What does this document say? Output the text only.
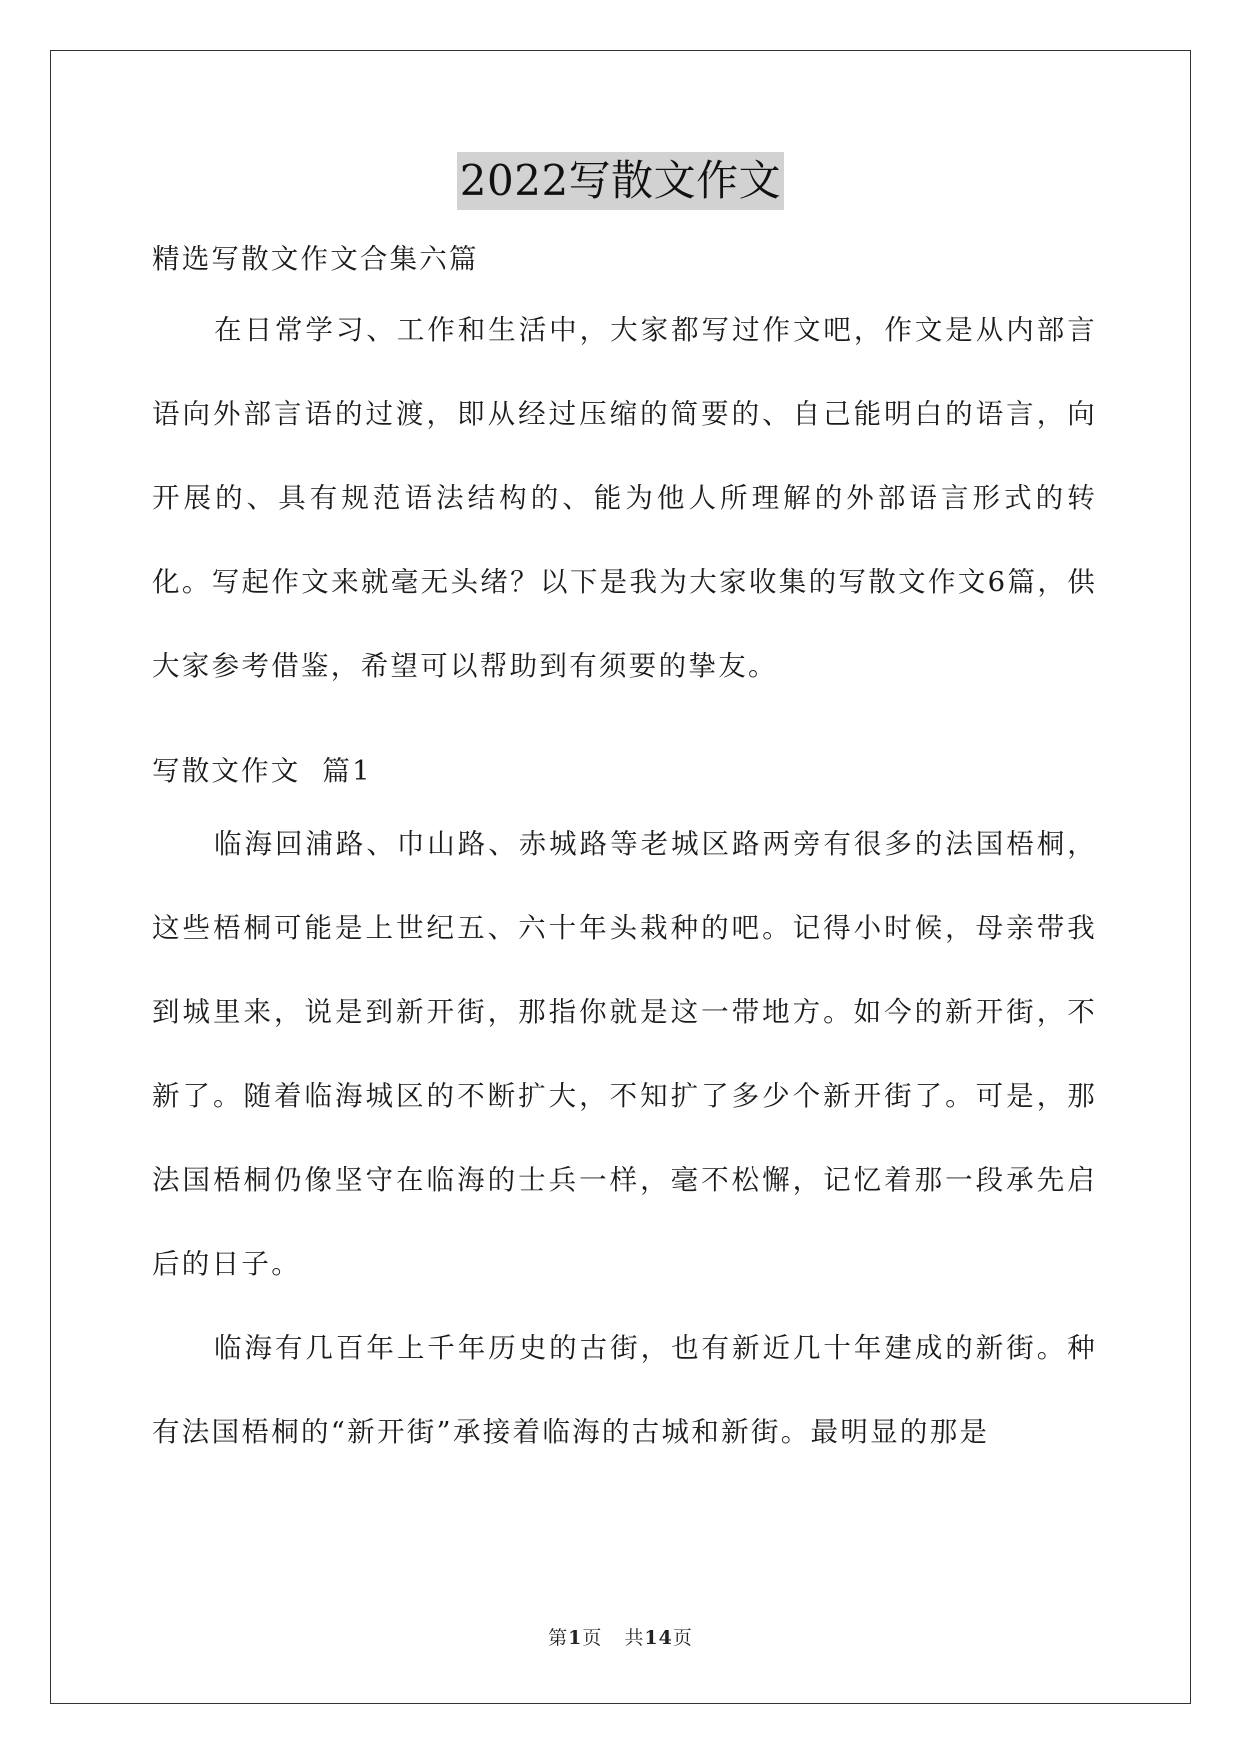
2022写散文作文
精选写散文作文合集六篇

在日常学习、工作和生活中，大家都写过作文吧，作文是从内部言语向外部言语的过渡，即从经过压缩的简要的、自己能明白的语言，向开展的、具有规范语法结构的、能为他人所理解的外部语言形式的转化。写起作文来就毫无头绪？以下是我为大家收集的写散文作文6篇，供大家参考借鉴，希望可以帮助到有须要的挚友。

写散文作文  篇1

临海回浦路、巾山路、赤城路等老城区路两旁有很多的法国梧桐，这些梧桐可能是上世纪五、六十年头栽种的吧。记得小时候，母亲带我到城里来，说是到新开街，那指你就是这一带地方。如今的新开街，不新了。随着临海城区的不断扩大，不知扩了多少个新开街了。可是，那法国梧桐仍像坚守在临海的士兵一样，毫不松懈，记忆着那一段承先启后的日子。

临海有几百年上千年历史的古街，也有新近几十年建成的新街。种有法国梧桐的“新开街”承接着临海的古城和新街。最明显的那是

第1页 共14页
